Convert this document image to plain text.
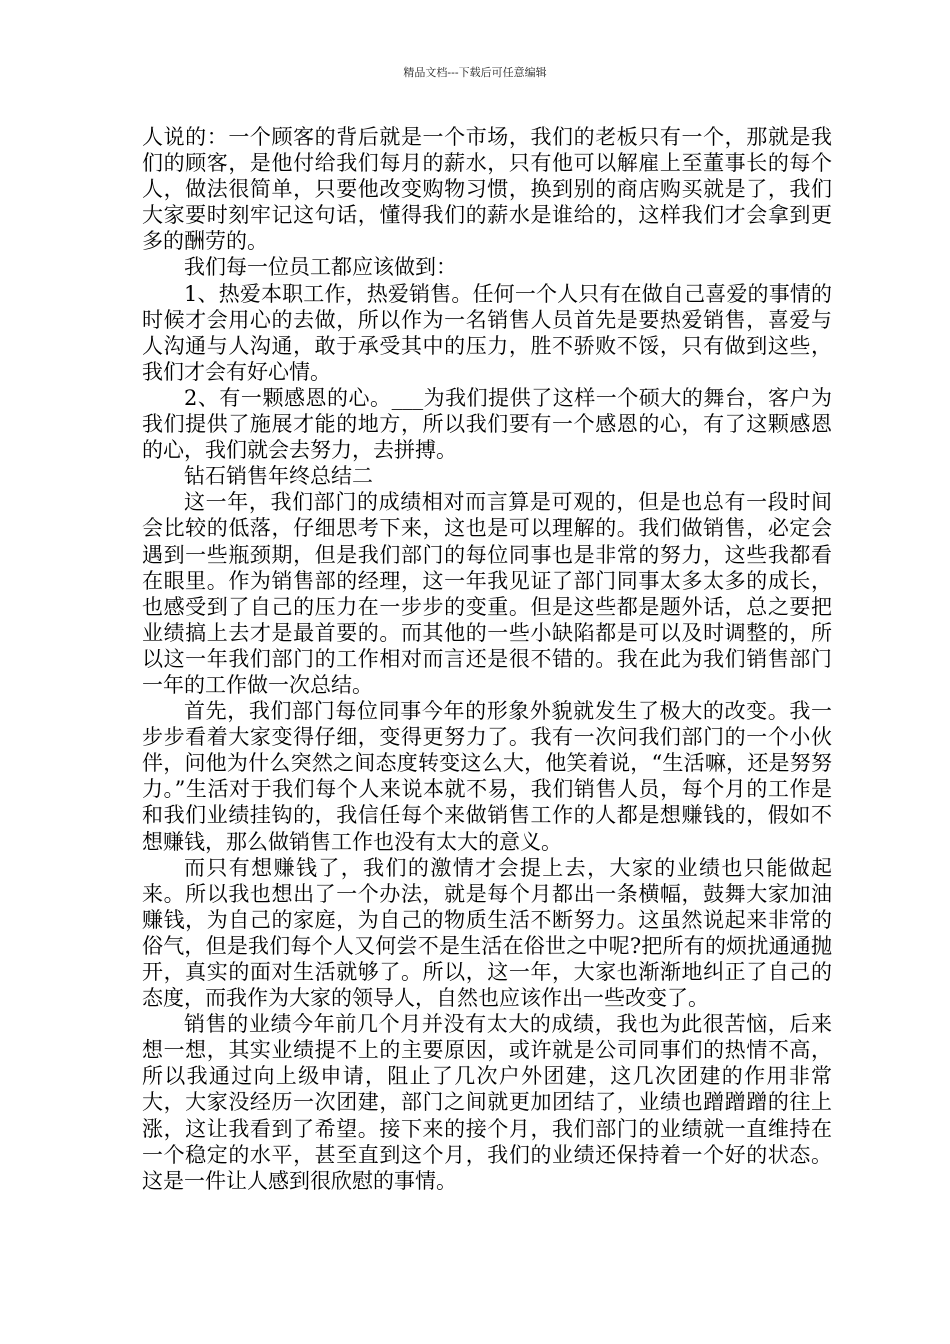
精品文档---下载后可任意编辑

人说的：一个顾客的背后就是一个市场，我们的老板只有一个，那就是我们的顾客，是他付给我们每月的薪水，只有他可以解雇上至董事长的每个人，做法很简单，只要他改变购物习惯，换到别的商店购买就是了，我们大家要时刻牢记这句话，懂得我们的薪水是谁给的，这样我们才会拿到更多的酬劳的。

我们每一位员工都应该做到：

1、热爱本职工作，热爱销售。任何一个人只有在做自己喜爱的事情的时候才会用心的去做，所以作为一名销售人员首先是要热爱销售，喜爱与人沟通与人沟通，敢于承受其中的压力，胜不骄败不馁，只有做到这些，我们才会有好心情。

2、有一颗感恩的心。___为我们提供了这样一个硕大的舞台，客户为我们提供了施展才能的地方，所以我们要有一个感恩的心，有了这颗感恩的心，我们就会去努力，去拼搏。

钻石销售年终总结二

这一年，我们部门的成绩相对而言算是可观的，但是也总有一段时间会比较的低落，仔细思考下来，这也是可以理解的。我们做销售，必定会遇到一些瓶颈期，但是我们部门的每位同事也是非常的努力，这些我都看在眼里。作为销售部的经理，这一年我见证了部门同事太多太多的成长，也感受到了自己的压力在一步步的变重。但是这些都是题外话，总之要把业绩搞上去才是最首要的。而其他的一些小缺陷都是可以及时调整的，所以这一年我们部门的工作相对而言还是很不错的。我在此为我们销售部门一年的工作做一次总结。

首先，我们部门每位同事今年的形象外貌就发生了极大的改变。我一步步看着大家变得仔细，变得更努力了。我有一次问我们部门的一个小伙伴，问他为什么突然之间态度转变这么大，他笑着说，“生活嘛，还是努努力。”生活对于我们每个人来说本就不易，我们销售人员，每个月的工作是和我们业绩挂钩的，我信任每个来做销售工作的人都是想赚钱的，假如不想赚钱，那么做销售工作也没有太大的意义。

而只有想赚钱了，我们的激情才会提上去，大家的业绩也只能做起来。所以我也想出了一个办法，就是每个月都出一条横幅，鼓舞大家加油赚钱，为自己的家庭，为自己的物质生活不断努力。这虽然说起来非常的俗气，但是我们每个人又何尝不是生活在俗世之中呢?把所有的烦扰通通抛开，真实的面对生活就够了。所以，这一年，大家也渐渐地纠正了自己的态度，而我作为大家的领导人，自然也应该作出一些改变了。

销售的业绩今年前几个月并没有太大的成绩，我也为此很苦恼，后来想一想，其实业绩提不上的主要原因，或许就是公司同事们的热情不高，所以我通过向上级申请，阻止了几次户外团建，这几次团建的作用非常大，大家没经历一次团建，部门之间就更加团结了，业绩也蹭蹭蹭的往上涨，这让我看到了希望。接下来的接个月，我们部门的业绩就一直维持在一个稳定的水平，甚至直到这个月，我们的业绩还保持着一个好的状态。这是一件让人感到很欣慰的事情。
